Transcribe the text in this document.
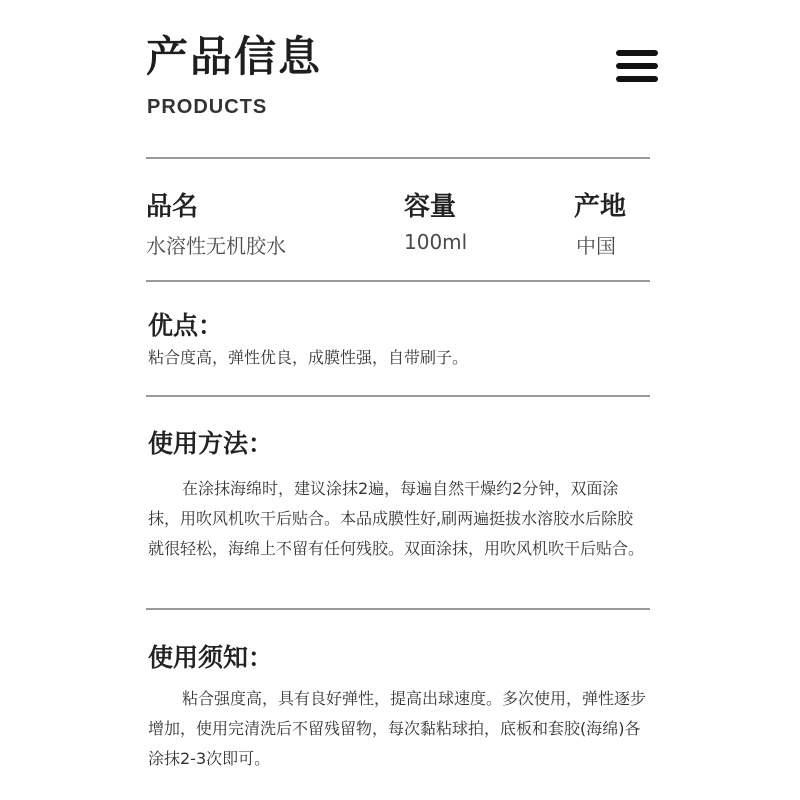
产品信息
PRODUCTS
品名
水溶性无机胶水
容量
100ml
产地
中国
优点：
粘合度高，弹性优良，成膜性强，自带刷子。
使用方法：
在涂抹海绵时，建议涂抹2遍，每遍自然干燥约2分钟，双面涂抹，用吹风机吹干后贴合。本品成膜性好,刷两遍挺拔水溶胶水后除胶就很轻松，海绵上不留有任何残胶。双面涂抹，用吹风机吹干后贴合。
使用须知：
粘合强度高，具有良好弹性，提高出球速度。多次使用，弹性逐步增加，使用完清洗后不留残留物，每次黏粘球拍，底板和套胶(海绵)各涂抹2-3次即可。
